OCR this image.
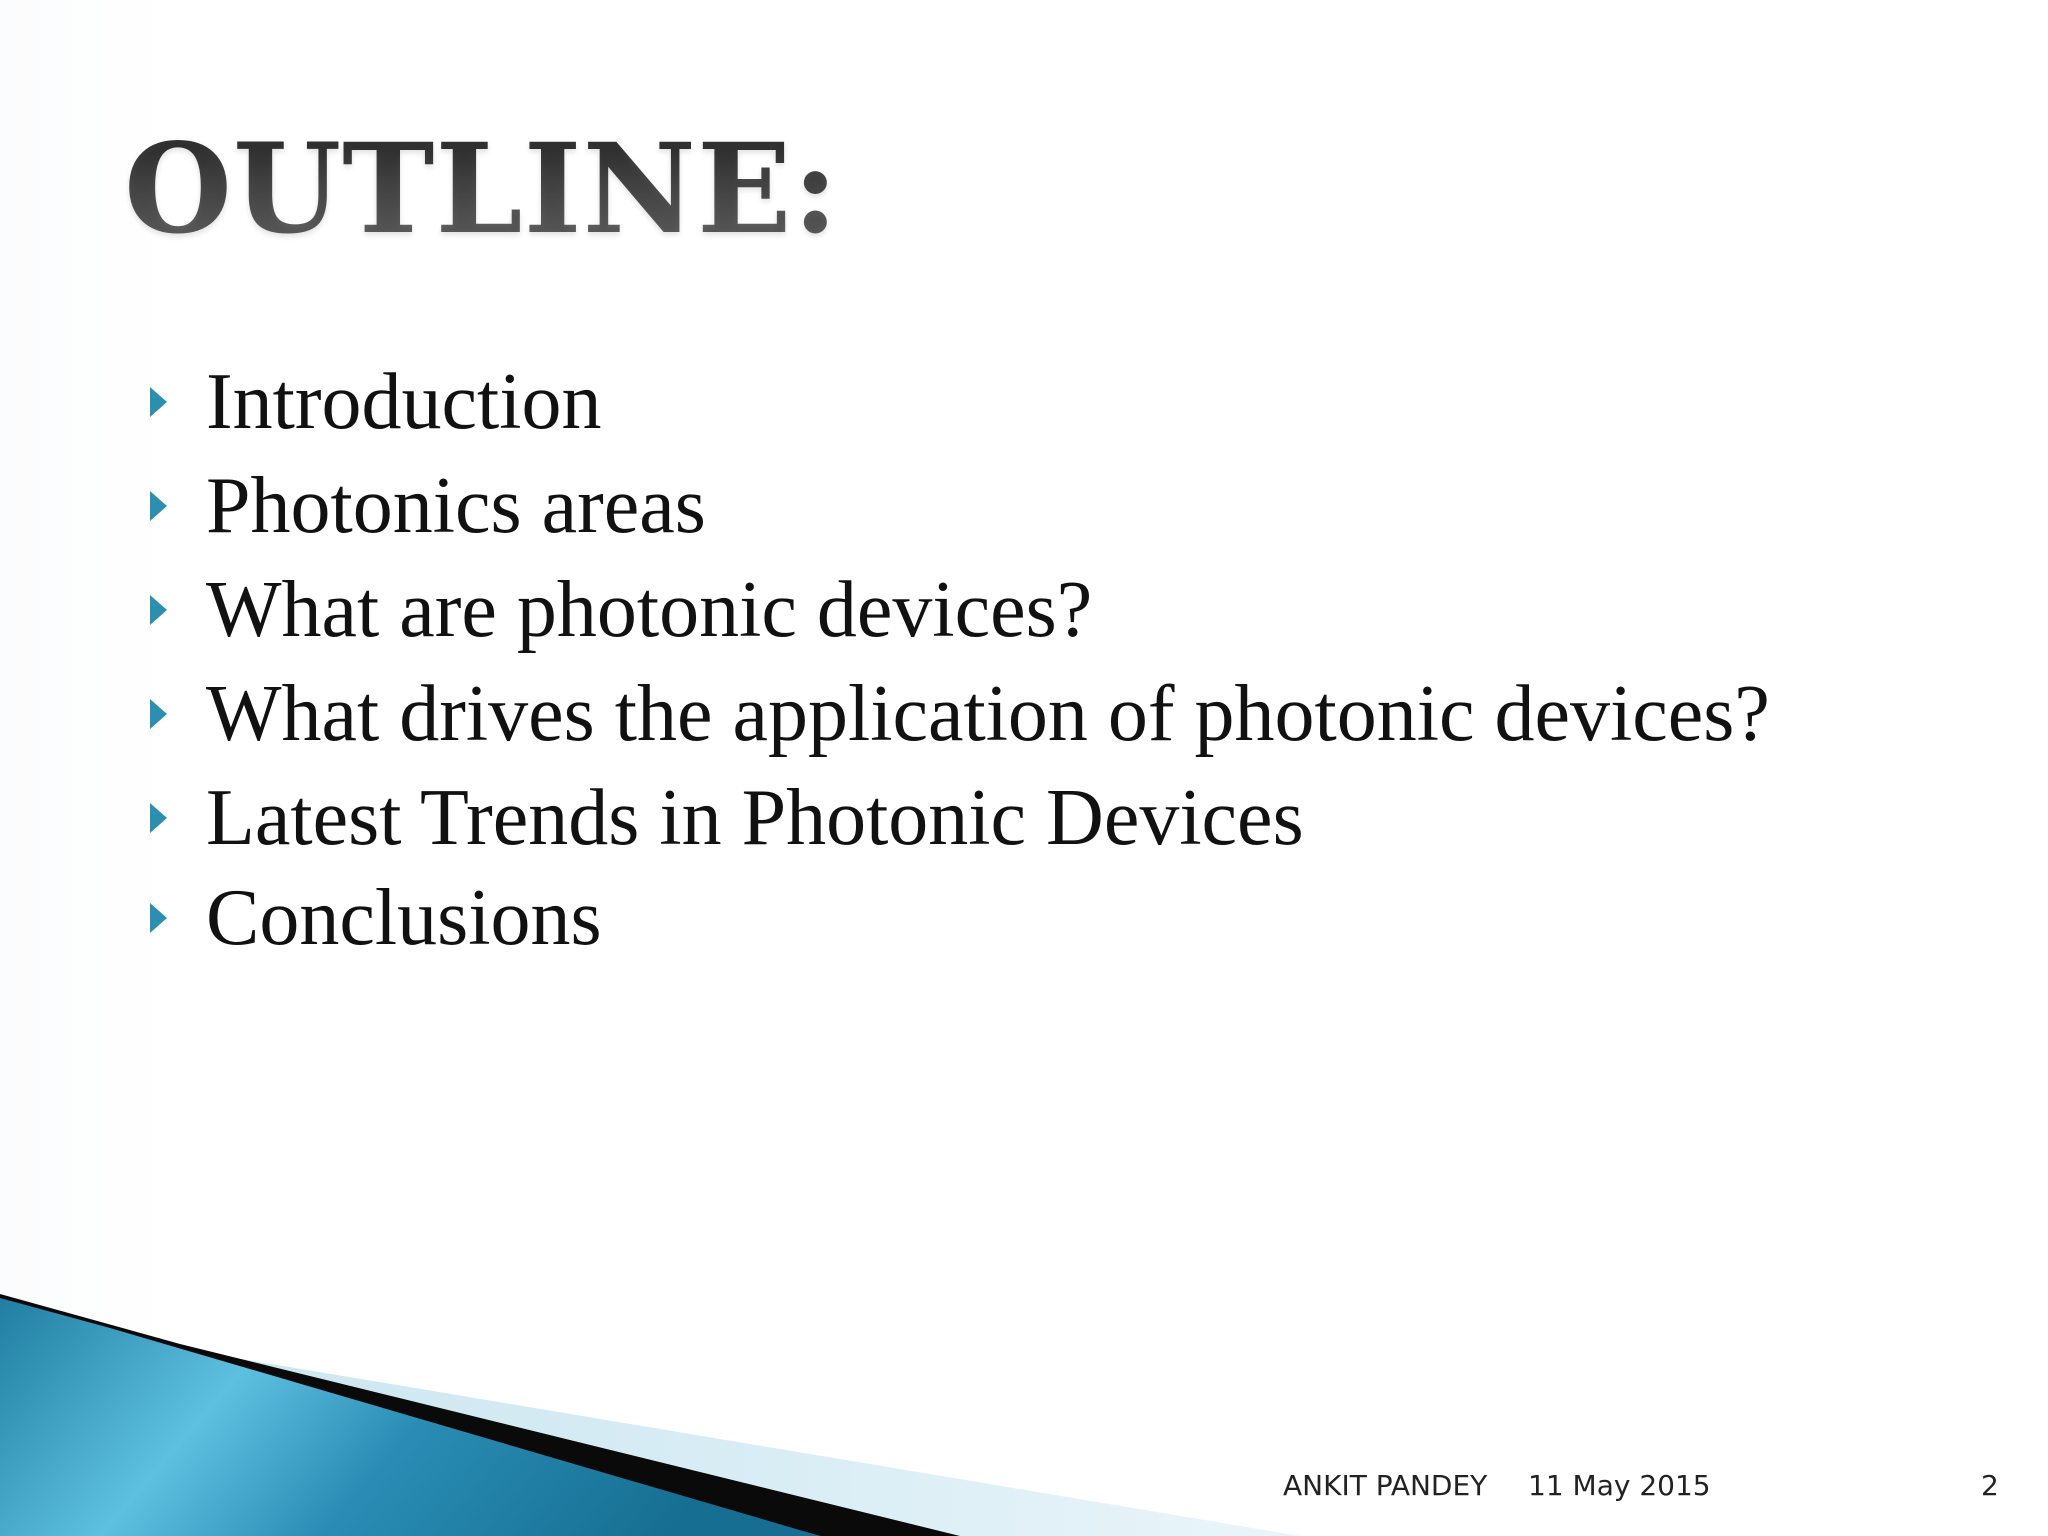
OUTLINE:
Introduction
Photonics areas
What are photonic devices?
What drives the application of photonic devices?
Latest Trends in Photonic Devices
Conclusions
ANKIT PANDEY 11 May 2015	2
